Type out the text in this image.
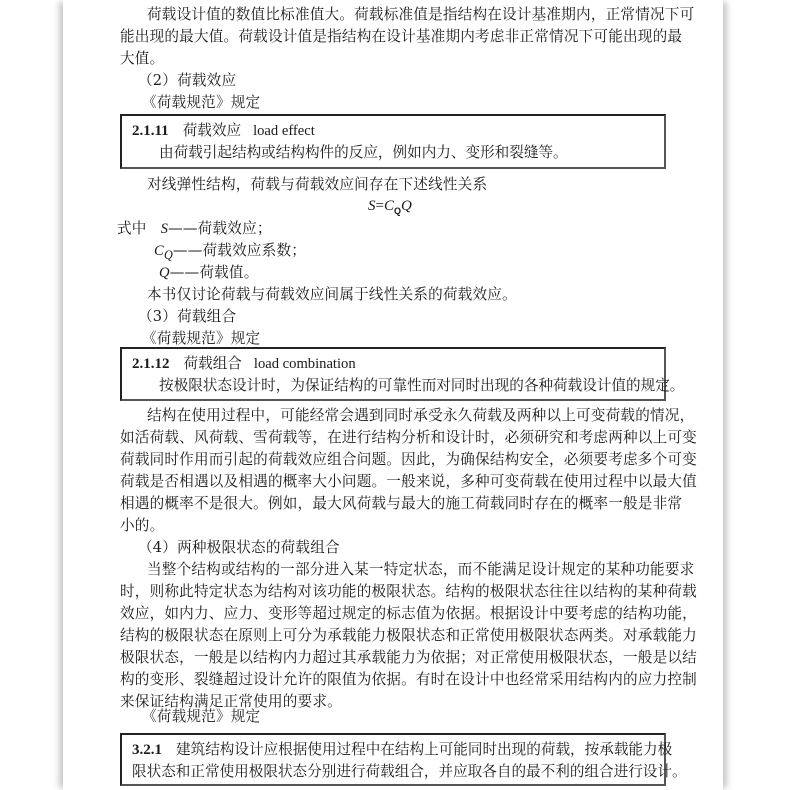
荷载设计值的数值比标准值大。荷载标准值是指结构在设计基准期内，正常情况下可
能出现的最大值。荷载设计值是指结构在设计基准期内考虑非正常情况下可能出现的最
大值。
（2）荷载效应
《荷载规范》规定
2.1.11 荷载效应 load effect
由荷载引起结构或结构构件的反应，例如内力、变形和裂缝等。
对线弹性结构，荷载与荷载效应间存在下述线性关系
$S=C_QQ$
式中 S——荷载效应；
$C_Q——$荷载效应系数；
Q——荷载值。
本书仅讨论荷载与荷载效应间属于线性关系的荷载效应。
（3）荷载组合
《荷载规范》规定
2.1.12 荷载组合 load combination
按极限状态设计时，为保证结构的可靠性而对同时出现的各种荷载设计值的规定。
结构在使用过程中，可能经常会遇到同时承受永久荷载及两种以上可变荷载的情况，
如活荷载、风荷载、雪荷载等，在进行结构分析和设计时，必须研究和考虑两种以上可变
荷载同时作用而引起的荷载效应组合问题。因此，为确保结构安全，必须要考虑多个可变
荷载是否相遇以及相遇的概率大小问题。一般来说，多种可变荷载在使用过程中以最大值
相遇的概率不是很大。例如，最大风荷载与最大的施工荷载同时存在的概率一般是非常
小的。
（4）两种极限状态的荷载组合
当整个结构或结构的一部分进入某一特定状态，而不能满足设计规定的某种功能要求
时，则称此特定状态为结构对该功能的极限状态。结构的极限状态往往以结构的某种荷载
效应，如内力、应力、变形等超过规定的标志值为依据。根据设计中要考虑的结构功能，
结构的极限状态在原则上可分为承载能力极限状态和正常使用极限状态两类。对承载能力
极限状态，一般是以结构内力超过其承载能力为依据；对正常使用极限状态，一般是以结
构的变形、裂缝超过设计允许的限值为依据。有时在设计中也经常采用结构内的应力控制
来保证结构满足正常使用的要求。
《荷载规范》规定
3.2.1 建筑结构设计应根据使用过程中在结构上可能同时出现的荷载，按承载能力极
限状态和正常使用极限状态分别进行荷载组合，并应取各自的最不利的组合进行设计。
